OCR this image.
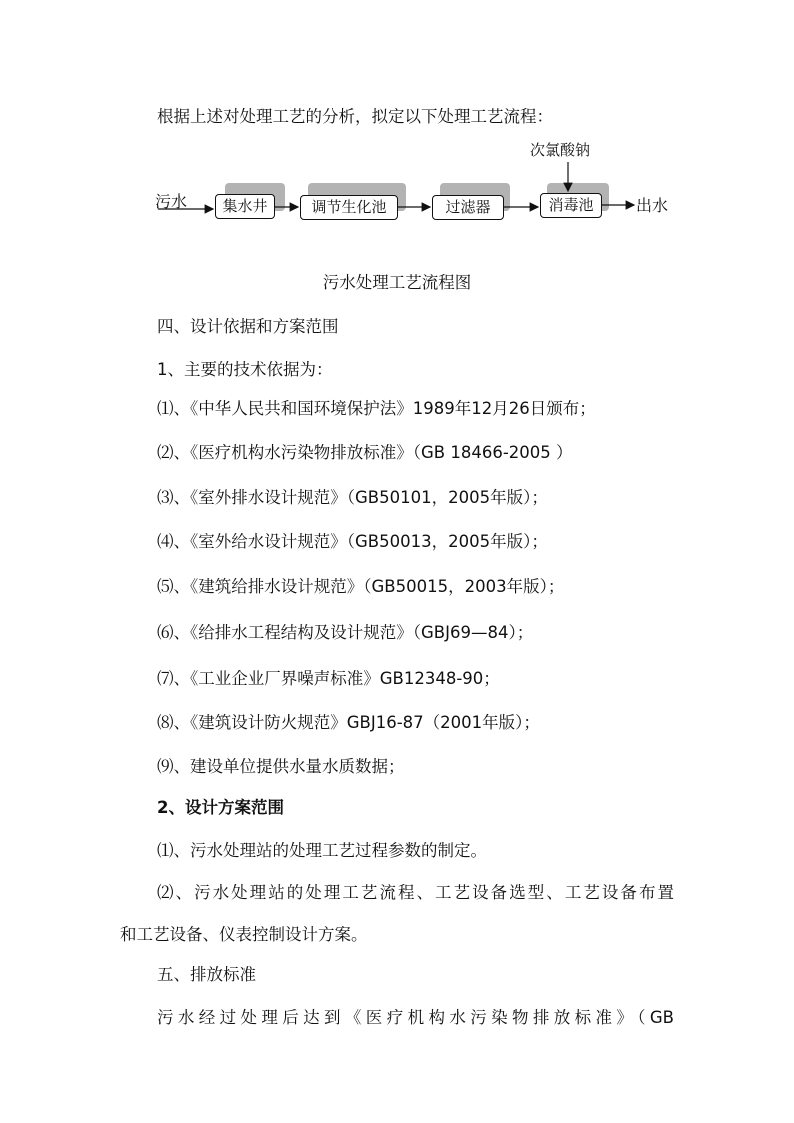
根据上述对处理工艺的分析，拟定以下处理工艺流程：
集水井	调节生化池	过滤器	消毒池
污水	出水
次氯酸钠
污水处理工艺流程图
四、设计依据和方案范围
1、主要的技术依据为：
⑴、《中华人民共和国环境保护法》1989年12月26日颁布；
⑵、《医疗机构水污染物排放标准》（GB 18466-2005 ）
⑶、《室外排水设计规范》（GB50101，2005年版）；
⑷、《室外给水设计规范》（GB50013，2005年版）；
⑸、《建筑给排水设计规范》（GB50015，2003年版）；
⑹、《给排水工程结构及设计规范》（GBJ69—84）；
⑺、《工业企业厂界噪声标准》GB12348-90；
⑻、《建筑设计防火规范》GBJ16-87（2001年版）；
⑼、建设单位提供水量水质数据；
2、设计方案范围
⑴、污水处理站的处理工艺过程参数的制定。
⑵、污水处理站的处理工艺流程、工艺设备选型、工艺设备布置
和工艺设备、仪表控制设计方案。
五、排放标准
污水经过处理后达到《医疗机构水污染物排放标准》（GB
